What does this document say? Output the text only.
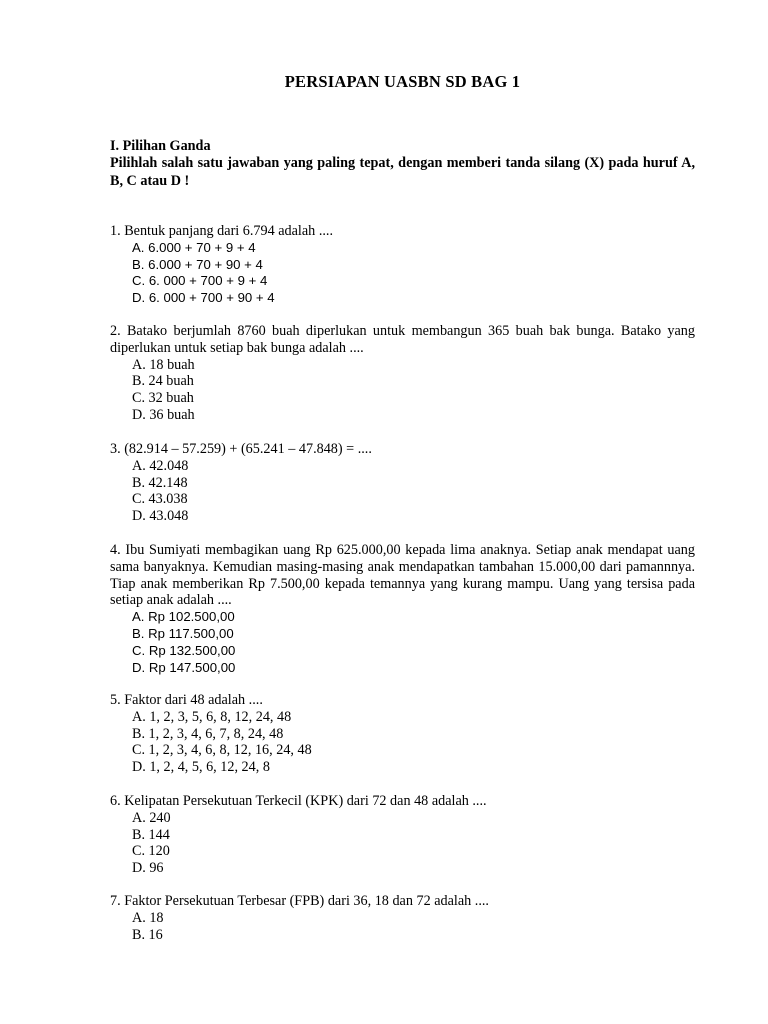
PERSIAPAN UASBN SD BAG 1
I. Pilihan Ganda
Pilihlah salah satu jawaban yang paling tepat, dengan memberi tanda silang (X) pada huruf A, B, C atau D !
1. Bentuk panjang dari 6.794 adalah ....
A. 6.000 + 70 + 9 + 4
B. 6.000 + 70 + 90 + 4
C. 6. 000 + 700 + 9 + 4
D. 6. 000 + 700 + 90 + 4
2. Batako berjumlah 8760 buah diperlukan untuk membangun 365 buah bak bunga. Batako yang diperlukan untuk setiap bak bunga adalah ....
A. 18 buah
B. 24 buah
C. 32 buah
D. 36 buah
3. (82.914 – 57.259) + (65.241 – 47.848) = ....
A. 42.048
B. 42.148
C. 43.038
D. 43.048
4. Ibu Sumiyati membagikan uang Rp 625.000,00 kepada lima anaknya. Setiap anak mendapat uang sama banyaknya. Kemudian masing-masing anak mendapatkan tambahan 15.000,00 dari pamannnya. Tiap anak memberikan Rp 7.500,00 kepada temannya yang kurang mampu. Uang yang tersisa pada setiap anak adalah ....
A. Rp 102.500,00
B. Rp 117.500,00
C. Rp 132.500,00
D. Rp 147.500,00
5. Faktor dari 48 adalah ....
A. 1, 2, 3, 5, 6, 8, 12, 24, 48
B. 1, 2, 3, 4, 6, 7, 8, 24, 48
C. 1, 2, 3, 4, 6, 8, 12, 16, 24, 48
D. 1, 2, 4, 5, 6, 12, 24, 8
6. Kelipatan Persekutuan Terkecil (KPK) dari 72 dan 48 adalah ....
A. 240
B. 144
C. 120
D. 96
7. Faktor Persekutuan Terbesar (FPB) dari 36, 18 dan 72 adalah ....
A. 18
B. 16
